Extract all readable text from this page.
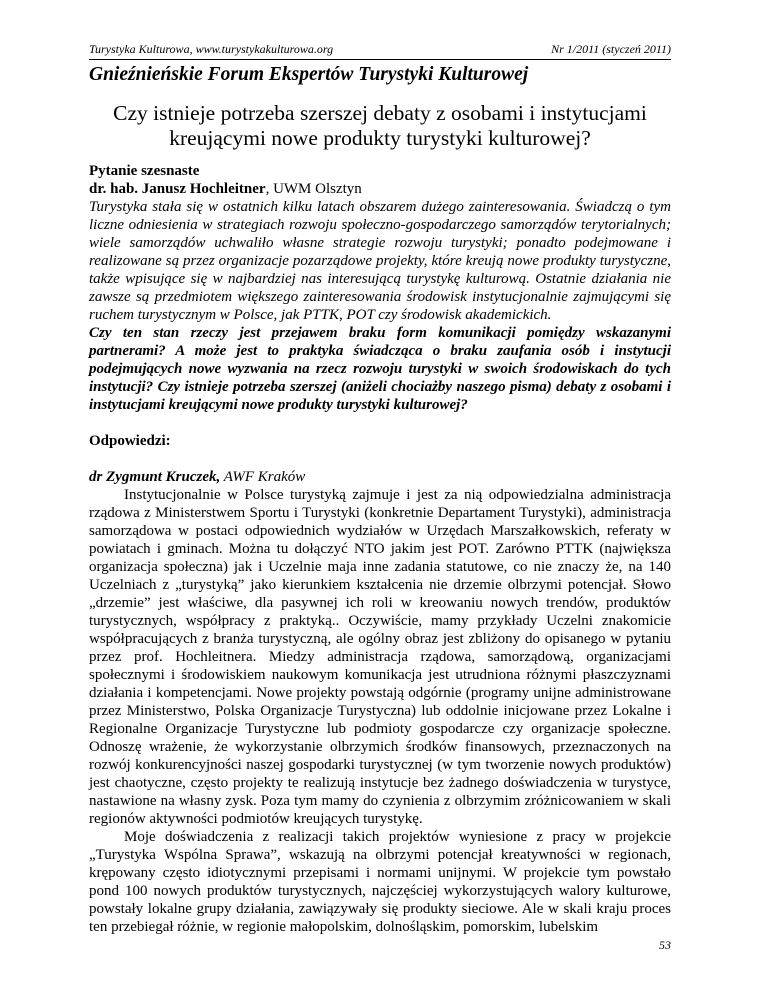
Turystyka Kulturowa, www.turystykakulturowa.org	Nr 1/2011 (styczeń 2011)
Gnieźnieńskie Forum Ekspertów Turystyki Kulturowej
Czy istnieje potrzeba szerszej debaty z osobami i instytucjami kreującymi nowe produkty turystyki kulturowej?

Pytanie szesnaste

dr. hab. Janusz Hochleitner, UWM Olsztyn

Turystyka stała się w ostatnich kilku latach obszarem dużego zainteresowania. Świadczą o tym liczne odniesienia w strategiach rozwoju społeczno-gospodarczego samorządów terytorialnych; wiele samorządów uchwaliło własne strategie rozwoju turystyki; ponadto podejmowane i realizowane są przez organizacje pozarządowe projekty, które kreują nowe produkty turystyczne, także wpisujące się w najbardziej nas interesującą turystykę kulturową. Ostatnie działania nie zawsze są przedmiotem większego zainteresowania środowisk instytucjonalnie zajmującymi się ruchem turystycznym w Polsce, jak PTTK, POT czy środowisk akademickich.

Czy ten stan rzeczy jest przejawem braku form komunikacji pomiędzy wskazanymi partnerami? A może jest to praktyka świadcząca o braku zaufania osób i instytucji podejmujących nowe wyzwania na rzecz rozwoju turystyki w swoich środowiskach do tych instytucji? Czy istnieje potrzeba szerszej (aniżeli chociażby naszego pisma) debaty z osobami i instytucjami kreującymi nowe produkty turystyki kulturowej?

Odpowiedzi:

dr Zygmunt Kruczek, AWF Kraków

Instytucjonalnie w Polsce turystyką zajmuje i jest za nią odpowiedzialna administracja rządowa z Ministerstwem Sportu i Turystyki (konkretnie Departament Turystyki), administracja samorządowa w postaci odpowiednich wydziałów w Urzędach Marszałkowskich, referaty w powiatach i gminach. Można tu dołączyć NTO jakim jest POT. Zarówno PTTK (największa organizacja społeczna) jak i Uczelnie maja inne zadania statutowe, co nie znaczy że, na 140 Uczelniach z „turystyką” jako kierunkiem kształcenia nie drzemie olbrzymi potencjał. Słowo „drzemie” jest właściwe, dla pasywnej ich roli w kreowaniu nowych trendów, produktów turystycznych, współpracy z praktyką.. Oczywiście, mamy przykłady Uczelni znakomicie współpracujących z branża turystyczną, ale ogólny obraz jest zbliżony do opisanego w pytaniu przez prof. Hochleitnera. Miedzy administracja rządowa, samorządową, organizacjami społecznymi i środowiskiem naukowym komunikacja jest utrudniona różnymi płaszczyznami działania i kompetencjami. Nowe projekty powstają odgórnie (programy unijne administrowane przez Ministerstwo, Polska Organizacje Turystyczna) lub oddolnie inicjowane przez Lokalne i Regionalne Organizacje Turystyczne lub podmioty gospodarcze czy organizacje społeczne. Odnoszę wrażenie, że wykorzystanie olbrzymich środków finansowych, przeznaczonych na rozwój konkurencyjności naszej gospodarki turystycznej (w tym tworzenie nowych produktów) jest chaotyczne, często projekty te realizują instytucje bez żadnego doświadczenia w turystyce, nastawione na własny zysk. Poza tym mamy do czynienia z olbrzymim zróżnicowaniem w skali regionów aktywności podmiotów kreujących turystykę.

Moje doświadczenia z realizacji takich projektów wyniesione z pracy w projekcie „Turystyka Wspólna Sprawa”, wskazują na olbrzymi potencjał kreatywności w regionach, krępowany często idiotycznymi przepisami i normami unijnymi. W projekcie tym powstało pond 100 nowych produktów turystycznych, najczęściej wykorzystujących walory kulturowe, powstały lokalne grupy działania, zawiązywały się produkty sieciowe. Ale w skali kraju proces ten przebiegał różnie, w regionie małopolskim, dolnośląskim, pomorskim, lubelskim

53
